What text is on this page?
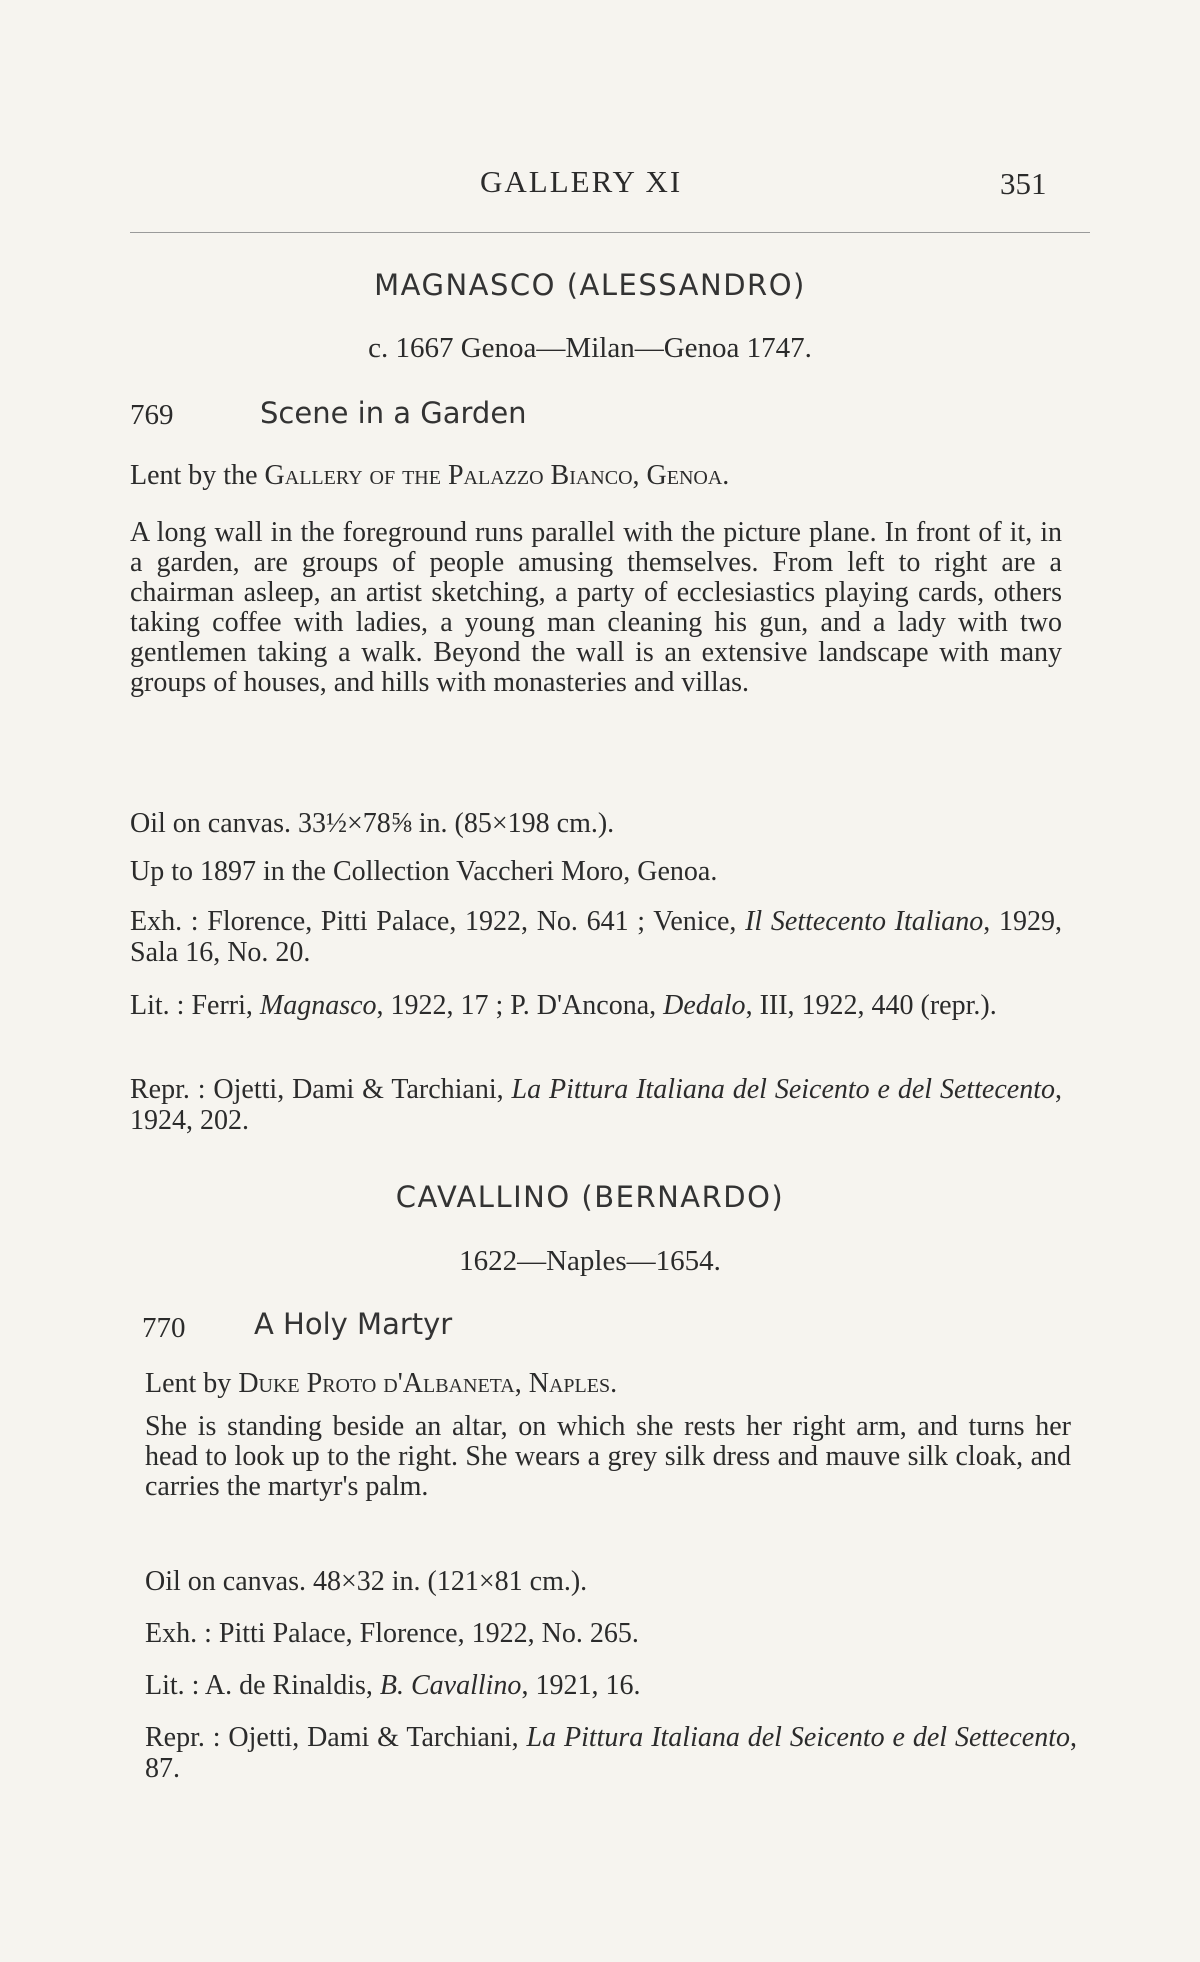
GALLERY XI	351
MAGNASCO (ALESSANDRO)
c. 1667 Genoa—Milan—Genoa 1747.
769	Scene in a Garden
Lent by the Gallery of the Palazzo Bianco, Genoa.
A long wall in the foreground runs parallel with the picture plane. In front of it, in a garden, are groups of people amusing themselves. From left to right are a chairman asleep, an artist sketching, a party of ecclesiastics playing cards, others taking coffee with ladies, a young man cleaning his gun, and a lady with two gentlemen taking a walk. Beyond the wall is an extensive landscape with many groups of houses, and hills with monasteries and villas.
Oil on canvas. 33½×78⅝ in. (85×198 cm.).
Up to 1897 in the Collection Vaccheri Moro, Genoa.
Exh. : Florence, Pitti Palace, 1922, No. 641 ; Venice, Il Settecento Italiano, 1929, Sala 16, No. 20.
Lit. : Ferri, Magnasco, 1922, 17 ; P. D'Ancona, Dedalo, III, 1922, 440 (repr.).
Repr. : Ojetti, Dami & Tarchiani, La Pittura Italiana del Seicento e del Settecento, 1924, 202.
CAVALLINO (BERNARDO)
1622—Naples—1654.
770 A Holy Martyr
Lent by Duke Proto d'Albaneta, Naples.
She is standing beside an altar, on which she rests her right arm, and turns her head to look up to the right. She wears a grey silk dress and mauve silk cloak, and carries the martyr's palm.
Oil on canvas. 48×32 in. (121×81 cm.).
Exh. : Pitti Palace, Florence, 1922, No. 265.
Lit. : A. de Rinaldis, B. Cavallino, 1921, 16.
Repr. : Ojetti, Dami & Tarchiani, La Pittura Italiana del Seicento e del Settecento, 87.
